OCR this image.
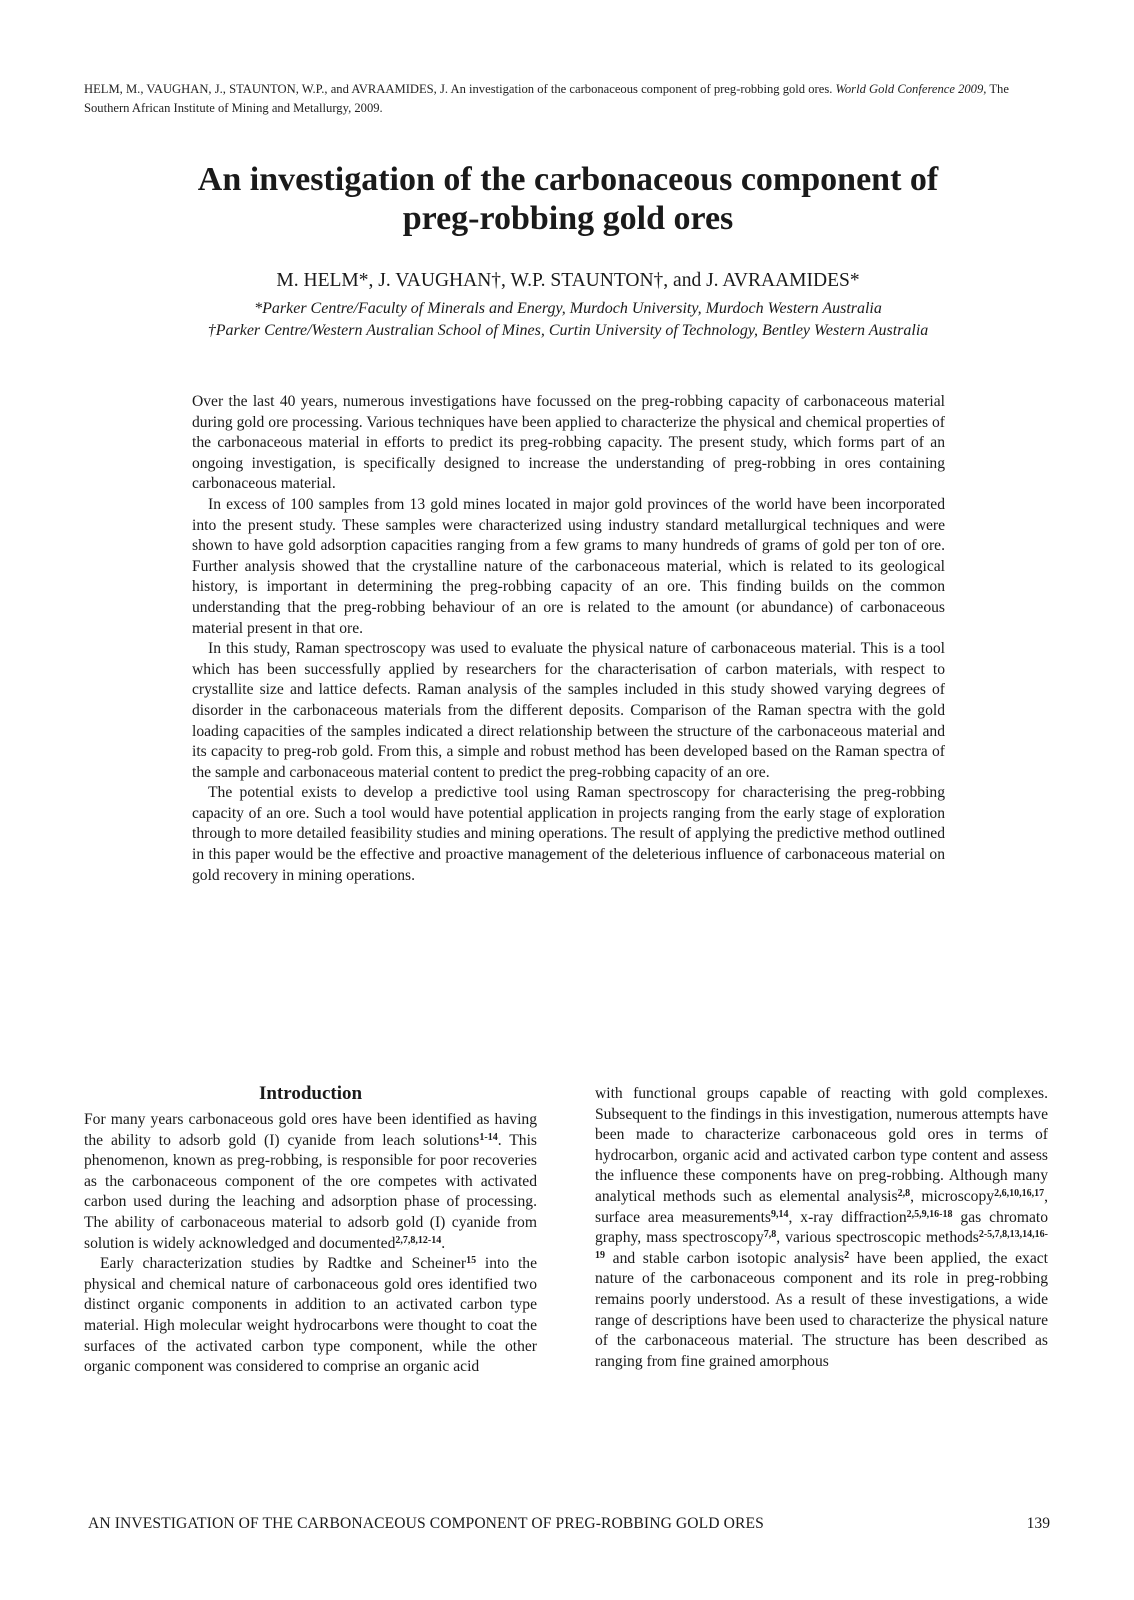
HELM, M., VAUGHAN, J., STAUNTON, W.P., and AVRAAMIDES, J. An investigation of the carbonaceous component of preg-robbing gold ores. World Gold Conference 2009, The Southern African Institute of Mining and Metallurgy, 2009.
An investigation of the carbonaceous component of
preg-robbing gold ores

M. HELM*, J. VAUGHAN†, W.P. STAUNTON†, and J. AVRAAMIDES*

*Parker Centre/Faculty of Minerals and Energy, Murdoch University, Murdoch Western Australia

†Parker Centre/Western Australian School of Mines, Curtin University of Technology, Bentley Western Australia

Over the last 40 years, numerous investigations have focussed on the preg-robbing capacity of carbonaceous material during gold ore processing. Various techniques have been applied to characterize the physical and chemical properties of the carbonaceous material in efforts to predict its preg-robbing capacity. The present study, which forms part of an ongoing investigation, is specifically designed to increase the understanding of preg-robbing in ores containing carbonaceous material.

In excess of 100 samples from 13 gold mines located in major gold provinces of the world have been incorporated into the present study. These samples were characterized using industry standard metallurgical techniques and were shown to have gold adsorption capacities ranging from a few grams to many hundreds of grams of gold per ton of ore. Further analysis showed that the crystalline nature of the carbonaceous material, which is related to its geological history, is important in determining the preg-robbing capacity of an ore. This finding builds on the common understanding that the preg-robbing behaviour of an ore is related to the amount (or abundance) of carbonaceous material present in that ore.

In this study, Raman spectroscopy was used to evaluate the physical nature of carbonaceous material. This is a tool which has been successfully applied by researchers for the characterisation of carbon materials, with respect to crystallite size and lattice defects. Raman analysis of the samples included in this study showed varying degrees of disorder in the carbonaceous materials from the different deposits. Comparison of the Raman spectra with the gold loading capacities of the samples indicated a direct relationship between the structure of the carbonaceous material and its capacity to preg-rob gold. From this, a simple and robust method has been developed based on the Raman spectra of the sample and carbonaceous material content to predict the preg-robbing capacity of an ore.

The potential exists to develop a predictive tool using Raman spectroscopy for characterising the preg-robbing capacity of an ore. Such a tool would have potential application in projects ranging from the early stage of exploration through to more detailed feasibility studies and mining operations. The result of applying the predictive method outlined in this paper would be the effective and proactive management of the deleterious influence of carbonaceous material on gold recovery in mining operations.

Introduction

For many years carbonaceous gold ores have been identified as having the ability to adsorb gold (I) cyanide from leach solutions$^{1-14}$. This phenomenon, known as preg-robbing, is responsible for poor recoveries as the carbonaceous component of the ore competes with activated carbon used during the leaching and adsorption phase of processing. The ability of carbonaceous material to adsorb gold (I) cyanide from solution is widely acknowledged and documented$^{2,7,8,12-14}$.

Early characterization studies by Radtke and Scheiner$^{15}$ into the physical and chemical nature of carbonaceous gold ores identified two distinct organic components in addition to an activated carbon type material. High molecular weight hydrocarbons were thought to coat the surfaces of the activated carbon type component, while the other organic component was considered to comprise an organic acid

with functional groups capable of reacting with gold complexes. Subsequent to the findings in this investigation, numerous attempts have been made to characterize carbonaceous gold ores in terms of hydrocarbon, organic acid and activated carbon type content and assess the influence these components have on preg-robbing. Although many analytical methods such as elemental analysis$^{2,8}$, microscopy$^{2,6,10,16,17}$, surface area measurements$^{9,14}$, x-ray diffraction$^{2,5,9,16-18}$ gas chromato graphy, mass spectroscopy$^{7,8}$, various spectroscopic methods$^{2-5,7,8,13,14,16-19}$ and stable carbon isotopic analysis$^2$ have been applied, the exact nature of the carbonaceous component and its role in preg-robbing remains poorly understood. As a result of these investigations, a wide range of descriptions have been used to characterize the physical nature of the carbonaceous material. The structure has been described as ranging from fine grained amorphous

AN INVESTIGATION OF THE CARBONACEOUS COMPONENT OF PREG-ROBBING GOLD ORES	139
